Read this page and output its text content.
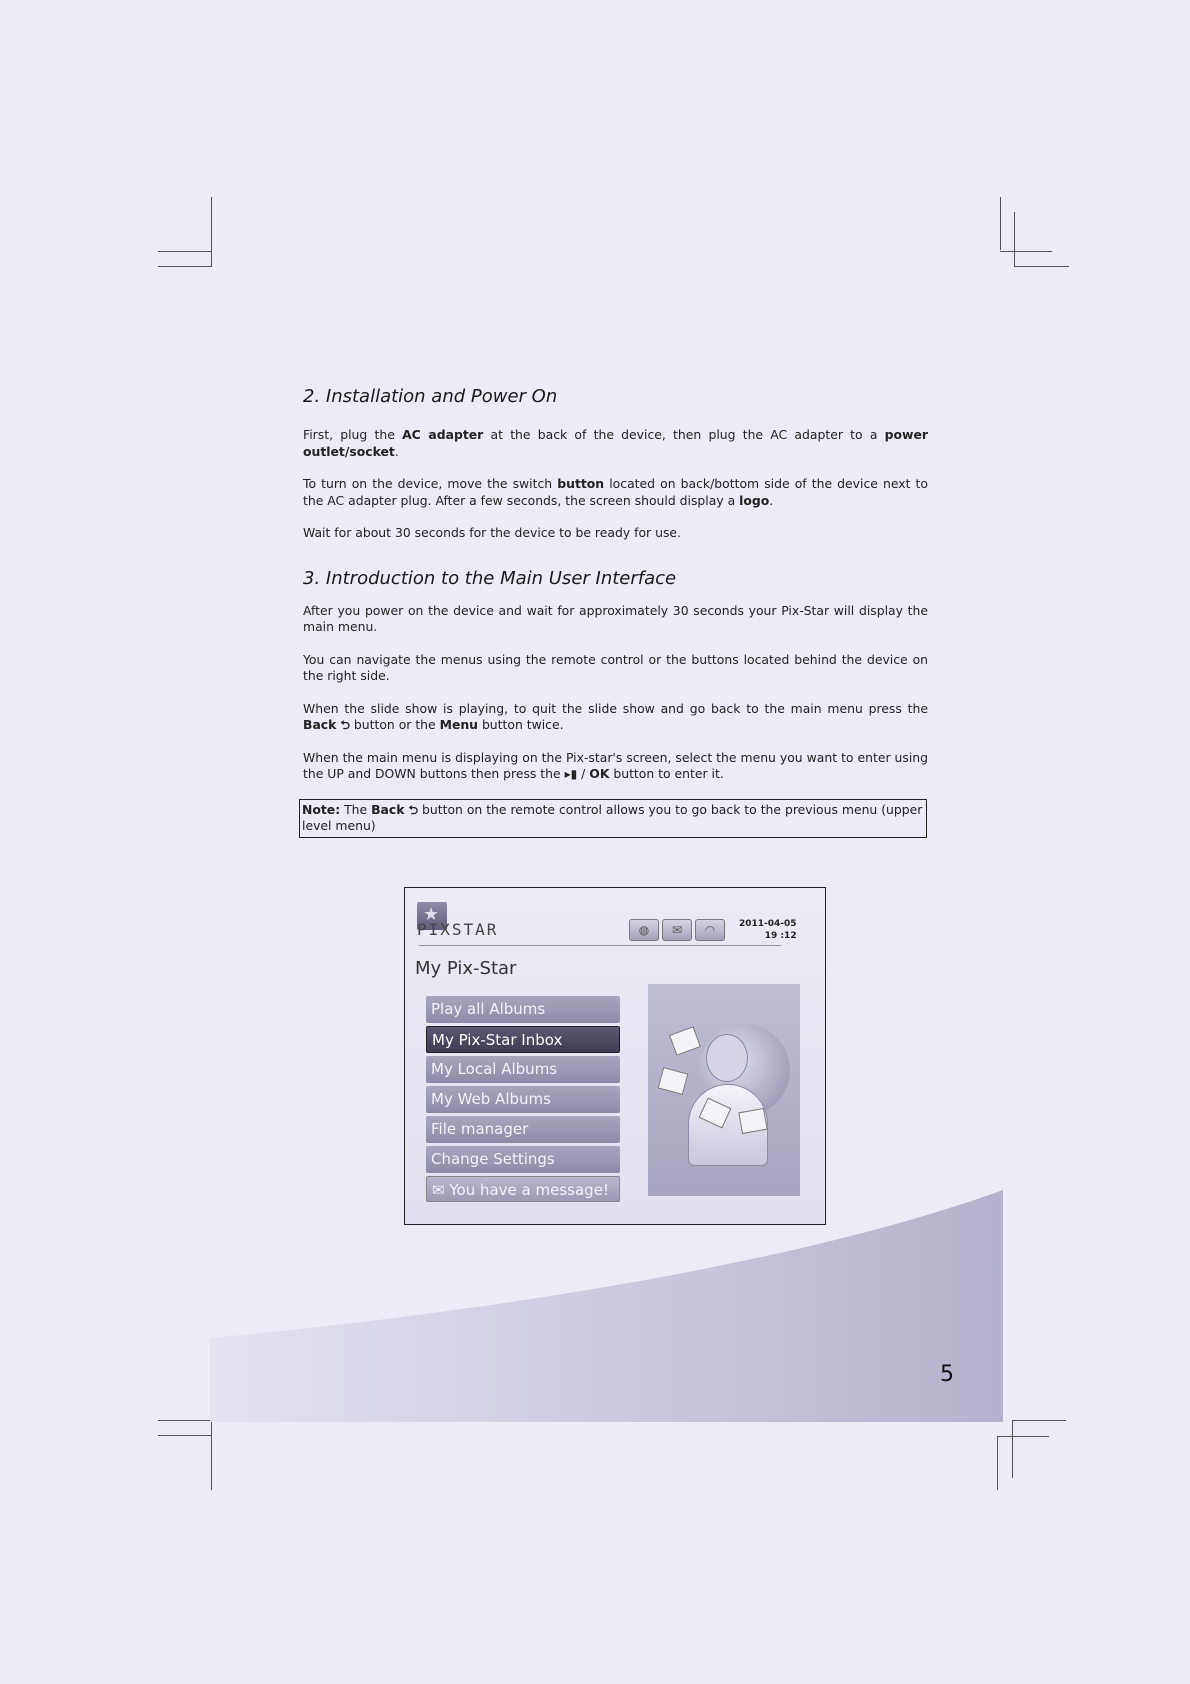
2. Installation and Power On

First, plug the AC adapter at the back of the device, then plug the AC adapter to a power outlet/socket.

To turn on the device, move the switch button located on back/bottom side of the device next to the AC adapter plug. After a few seconds, the screen should display a logo.

Wait for about 30 seconds for the device to be ready for use.

3. Introduction to the Main User Interface

After you power on the device and wait for approximately 30 seconds your Pix-Star will display the main menu.

You can navigate the menus using the remote control or the buttons located behind the device on the right side.

When the slide show is playing, to quit the slide show and go back to the main menu press the Back ⮌ button or the Menu button twice.

When the main menu is displaying on the Pix-star's screen, select the menu you want to enter using the UP and DOWN buttons then press the ▸▮ / OK button to enter it.

Note: The Back ⮌ button on the remote control allows you to go back to the previous menu (upper level menu)
★
PIXSTAR	◍	✉	◠	2011-04-05
19 :12
My Pix-Star
Play all Albums
My Pix-Star Inbox
My Local Albums
My Web Albums
File manager
Change Settings
✉ You have a message!
5
